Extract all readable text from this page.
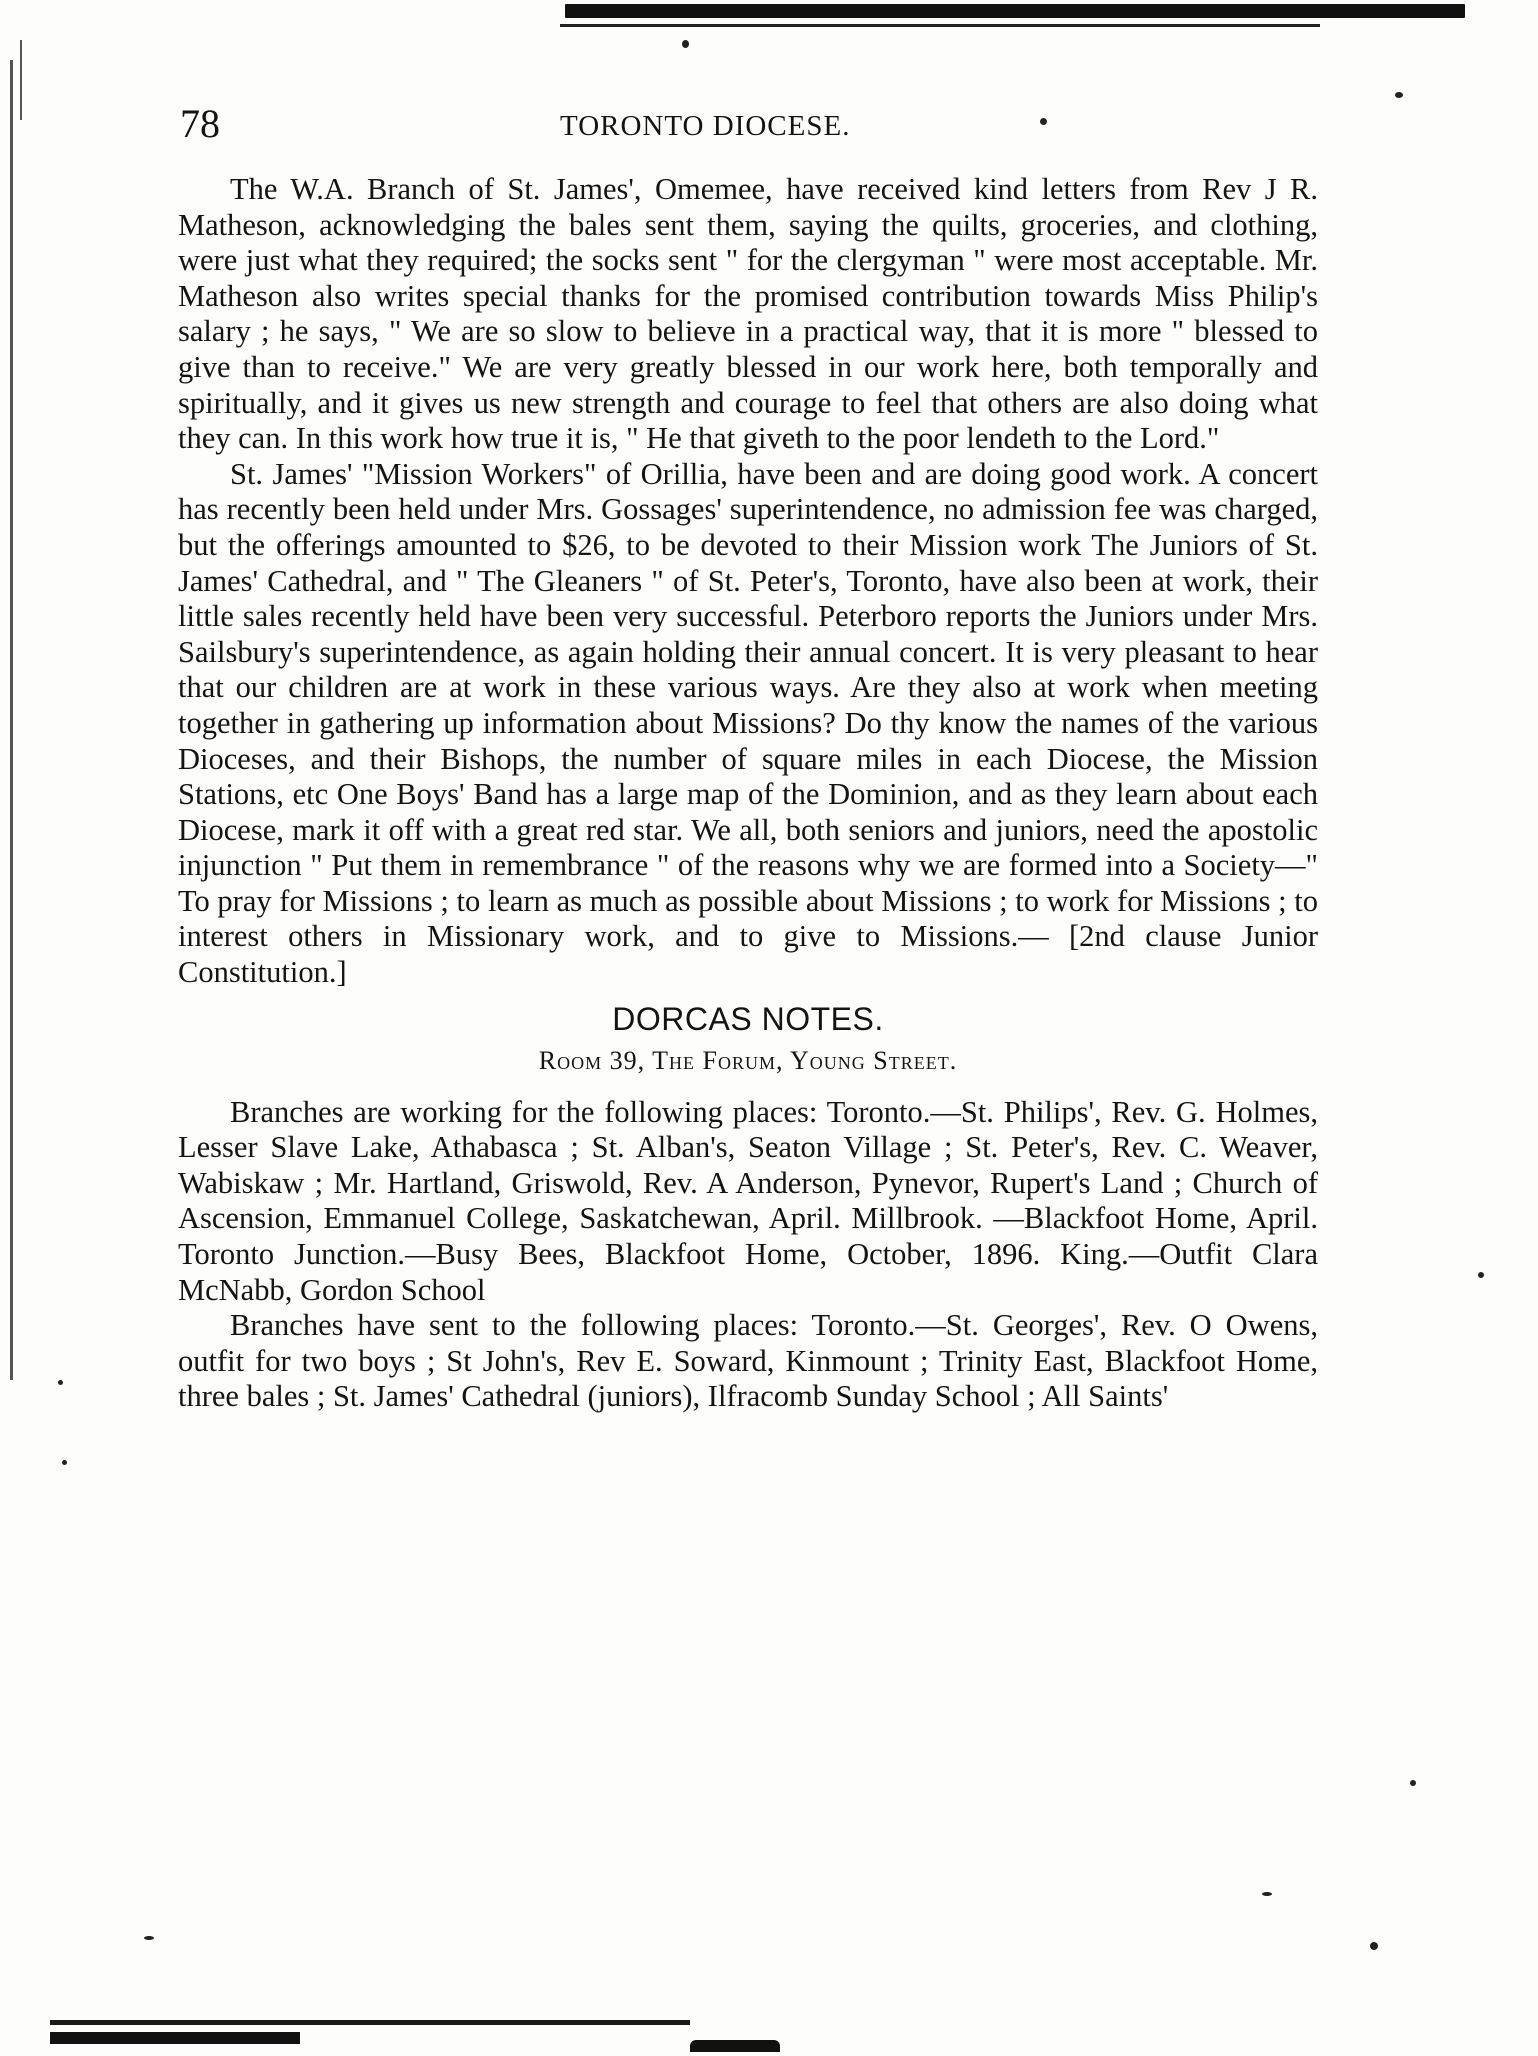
78	TORONTO DIOCESE.

The W.A. Branch of St. James', Omemee, have received kind letters from Rev J R. Matheson, acknowledging the bales sent them, saying the quilts, groceries, and clothing, were just what they required; the socks sent " for the clergyman " were most acceptable. Mr. Matheson also writes special thanks for the promised contribution towards Miss Philip's salary ; he says, " We are so slow to believe in a practical way, that it is more " blessed to give than to receive." We are very greatly blessed in our work here, both temporally and spiritually, and it gives us new strength and courage to feel that others are also doing what they can. In this work how true it is, " He that giveth to the poor lendeth to the Lord."

St. James' "Mission Workers" of Orillia, have been and are doing good work. A concert has recently been held under Mrs. Gossages' superintendence, no admission fee was charged, but the offerings amounted to $26, to be devoted to their Mission work The Juniors of St. James' Cathedral, and " The Gleaners " of St. Peter's, Toronto, have also been at work, their little sales recently held have been very successful. Peterboro reports the Juniors under Mrs. Sailsbury's superintendence, as again holding their annual concert. It is very pleasant to hear that our children are at work in these various ways. Are they also at work when meeting together in gathering up information about Missions? Do thy know the names of the various Dioceses, and their Bishops, the number of square miles in each Diocese, the Mission Stations, etc One Boys' Band has a large map of the Dominion, and as they learn about each Diocese, mark it off with a great red star. We all, both seniors and juniors, need the apostolic injunction " Put them in remembrance " of the reasons why we are formed into a Society—" To pray for Missions ; to learn as much as possible about Missions ; to work for Missions ; to interest others in Missionary work, and to give to Missions.— [2nd clause Junior Constitution.]

DORCAS NOTES.
Room 39, The Forum, Young Street.

Branches are working for the following places: Toronto.—St. Philips', Rev. G. Holmes, Lesser Slave Lake, Athabasca ; St. Alban's, Seaton Village ; St. Peter's, Rev. C. Weaver, Wabiskaw ; Mr. Hartland, Griswold, Rev. A Anderson, Pynevor, Rupert's Land ; Church of Ascension, Emmanuel College, Saskatchewan, April. Millbrook. —Blackfoot Home, April. Toronto Junction.—Busy Bees, Blackfoot Home, October, 1896. King.—Outfit Clara McNabb, Gordon School

Branches have sent to the following places: Toronto.—St. Georges', Rev. O Owens, outfit for two boys ; St John's, Rev E. Soward, Kinmount ; Trinity East, Blackfoot Home, three bales ; St. James' Cathedral (juniors), Ilfracomb Sunday School ; All Saints'
